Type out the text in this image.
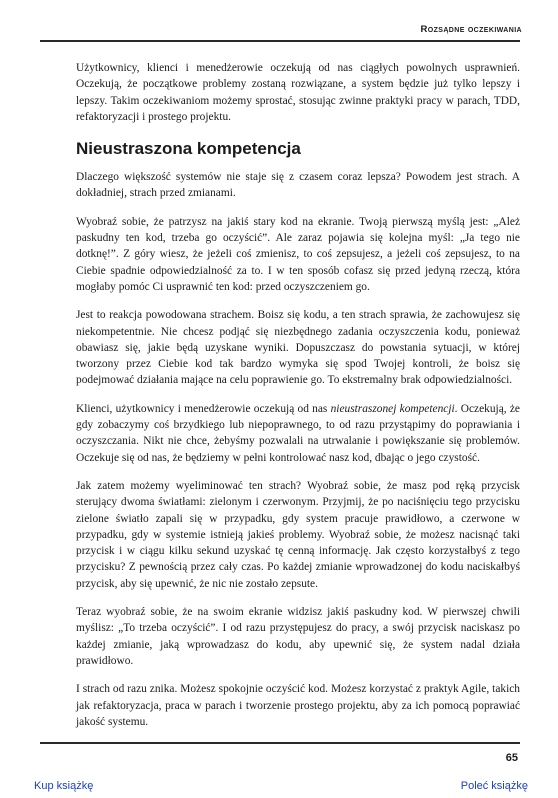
Rozsądne oczekiwania

Użytkownicy, klienci i menedżerowie oczekują od nas ciągłych powolnych usprawnień. Oczekują, że początkowe problemy zostaną rozwiązane, a system będzie już tylko lepszy i lepszy. Takim oczekiwaniom możemy sprostać, stosując zwinne praktyki pracy w parach, TDD, refaktoryzacji i prostego projektu.

Nieustraszona kompetencja

Dlaczego większość systemów nie staje się z czasem coraz lepsza? Powodem jest strach. A dokładniej, strach przed zmianami.

Wyobraź sobie, że patrzysz na jakiś stary kod na ekranie. Twoją pierwszą myślą jest: „Ależ paskudny ten kod, trzeba go oczyścić”. Ale zaraz pojawia się kolejna myśl: „Ja tego nie dotknę!”. Z góry wiesz, że jeżeli coś zmienisz, to coś zepsujesz, a jeżeli coś zepsujesz, to na Ciebie spadnie odpowiedzialność za to. I w ten sposób cofasz się przed jedyną rzeczą, która mogłaby pomóc Ci usprawnić ten kod: przed oczyszczeniem go.

Jest to reakcja powodowana strachem. Boisz się kodu, a ten strach sprawia, że zachowujesz się niekompetentnie. Nie chcesz podjąć się niezbędnego zadania oczyszczenia kodu, ponieważ obawiasz się, jakie będą uzyskane wyniki. Dopuszczasz do powstania sytuacji, w której tworzony przez Ciebie kod tak bardzo wymyka się spod Twojej kontroli, że boisz się podejmować działania mające na celu poprawienie go. To ekstremalny brak odpowiedzialności.

Klienci, użytkownicy i menedżerowie oczekują od nas nieustraszonej kompetencji. Oczekują, że gdy zobaczymy coś brzydkiego lub niepoprawnego, to od razu przystąpimy do poprawiania i oczyszczania. Nikt nie chce, żebyśmy pozwalali na utrwalanie i powiększanie się problemów. Oczekuje się od nas, że będziemy w pełni kontrolować nasz kod, dbając o jego czystość.

Jak zatem możemy wyeliminować ten strach? Wyobraź sobie, że masz pod ręką przycisk sterujący dwoma światłami: zielonym i czerwonym. Przyjmij, że po naciśnięciu tego przycisku zielone światło zapali się w przypadku, gdy system pracuje prawidłowo, a czerwone w przypadku, gdy w systemie istnieją jakieś problemy. Wyobraź sobie, że możesz nacisnąć taki przycisk i w ciągu kilku sekund uzyskać tę cenną informację. Jak często korzystałbyś z tego przycisku? Z pewnością przez cały czas. Po każdej zmianie wprowadzonej do kodu naciskałbyś przycisk, aby się upewnić, że nic nie zostało zepsute.

Teraz wyobraź sobie, że na swoim ekranie widzisz jakiś paskudny kod. W pierwszej chwili myślisz: „To trzeba oczyścić”. I od razu przystępujesz do pracy, a swój przycisk naciskasz po każdej zmianie, jaką wprowadzasz do kodu, aby upewnić się, że system nadal działa prawidłowo.

I strach od razu znika. Możesz spokojnie oczyścić kod. Możesz korzystać z praktyk Agile, takich jak refaktoryzacja, praca w parach i tworzenie prostego projektu, aby za ich pomocą poprawiać jakość systemu.

65
Kup książkę	Poleć książkę
